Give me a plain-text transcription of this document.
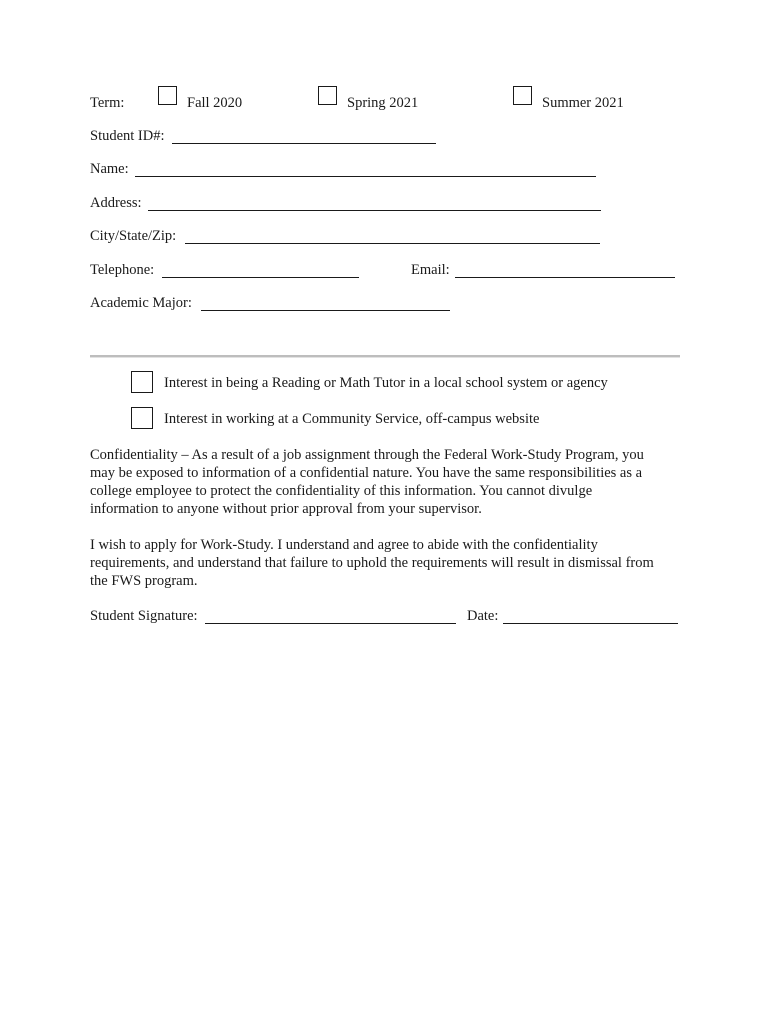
Term:	Fall 2020	Spring 2021	Summer 2021
Student ID#:
Name:
Address:
City/State/Zip:
Telephone:	Email:
Academic Major:
Interest in being a Reading or Math Tutor in a local school system or agency
Interest in working at a Community Service, off-campus website
Confidentiality – As a result of a job assignment through the Federal Work-Study Program, you
may be exposed to information of a confidential nature. You have the same responsibilities as a
college employee to protect the confidentiality of this information. You cannot divulge
information to anyone without prior approval from your supervisor.
I wish to apply for Work-Study. I understand and agree to abide with the confidentiality
requirements, and understand that failure to uphold the requirements will result in dismissal from
the FWS program.
Student Signature:	Date:
